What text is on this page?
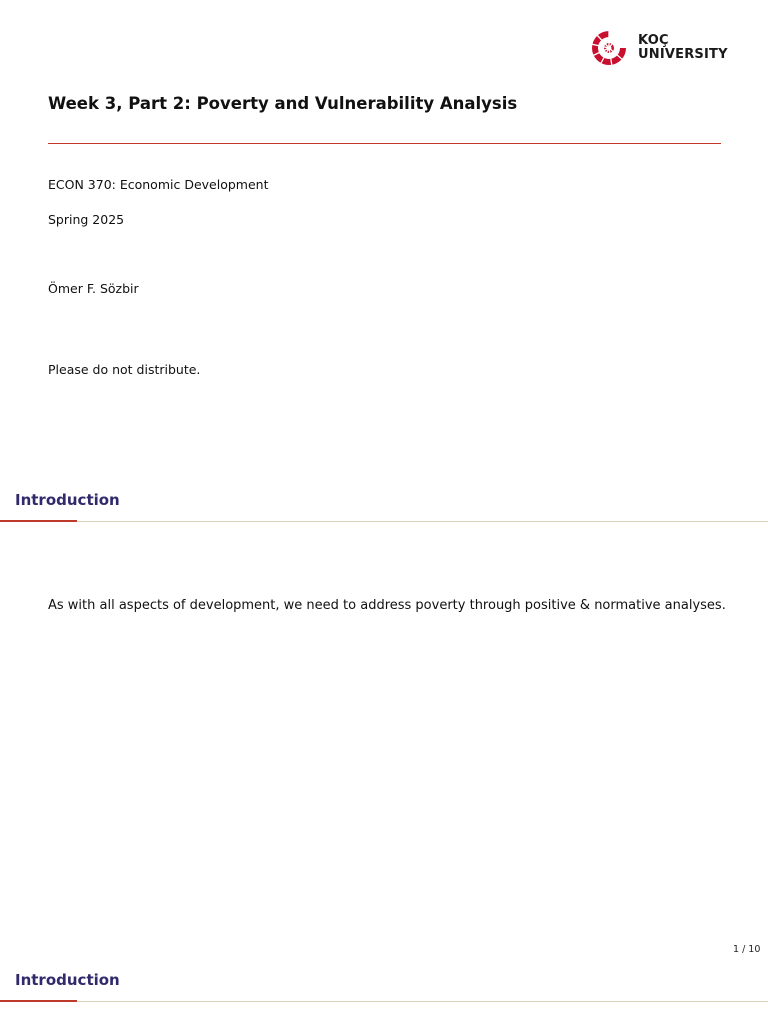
KOÇ
UNIVERSITY
Week 3, Part 2: Poverty and Vulnerability Analysis
ECON 370: Economic Development
Spring 2025
Ömer F. Sözbir
Please do not distribute.
Introduction
As with all aspects of development, we need to address poverty through positive & normative analyses.
1 / 10
Introduction
